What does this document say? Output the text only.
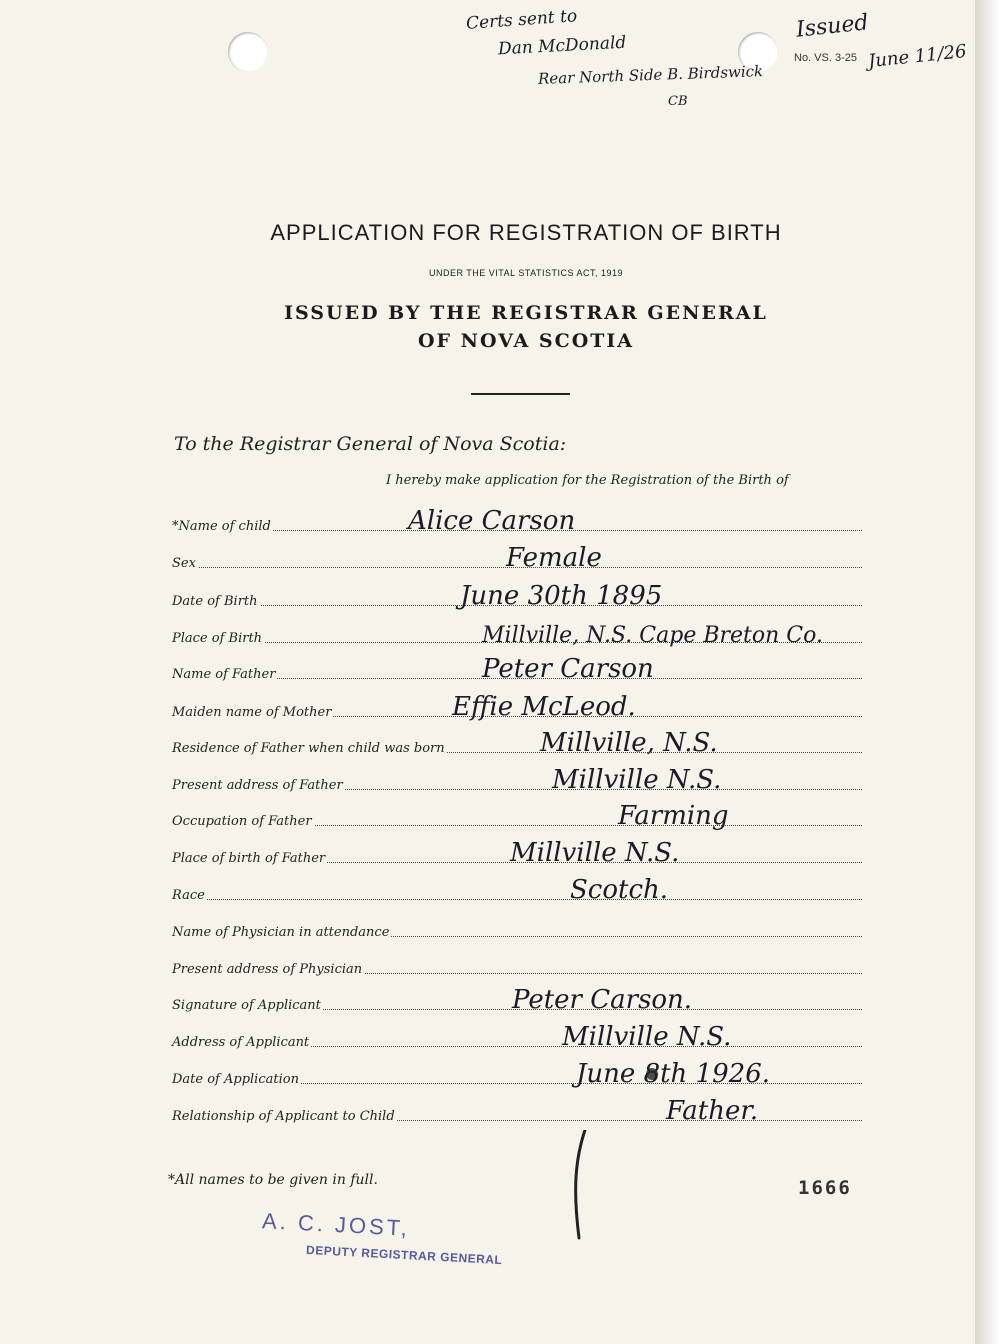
Certs sent to
Dan McDonald
Rear North Side B. Birdswick
CB
Issued
June 11/26
No. VS. 3-25
APPLICATION FOR REGISTRATION OF BIRTH
UNDER THE VITAL STATISTICS ACT, 1919
ISSUED BY THE REGISTRAR GENERAL
OF NOVA SCOTIA
To the Registrar General of Nova Scotia:
I hereby make application for the Registration of the Birth of
*Name of child	Alice Carson
Sex	Female
Date of Birth	June 30th 1895
Place of Birth	Millville, N.S. Cape Breton Co.
Name of Father	Peter Carson
Maiden name of Mother	Effie McLeod.
Residence of Father when child was born	Millville, N.S.
Present address of Father	Millville N.S.
Occupation of Father	Farming
Place of birth of Father	Millville N.S.
Race	Scotch.
Name of Physician in attendance
Present address of Physician
Signature of Applicant	Peter Carson.
Address of Applicant	Millville N.S.
Date of Application	June 8th 1926.
Relationship of Applicant to Child	Father.
*All names to be given in full.	1666
A. C. JOST,
DEPUTY REGISTRAR GENERAL
